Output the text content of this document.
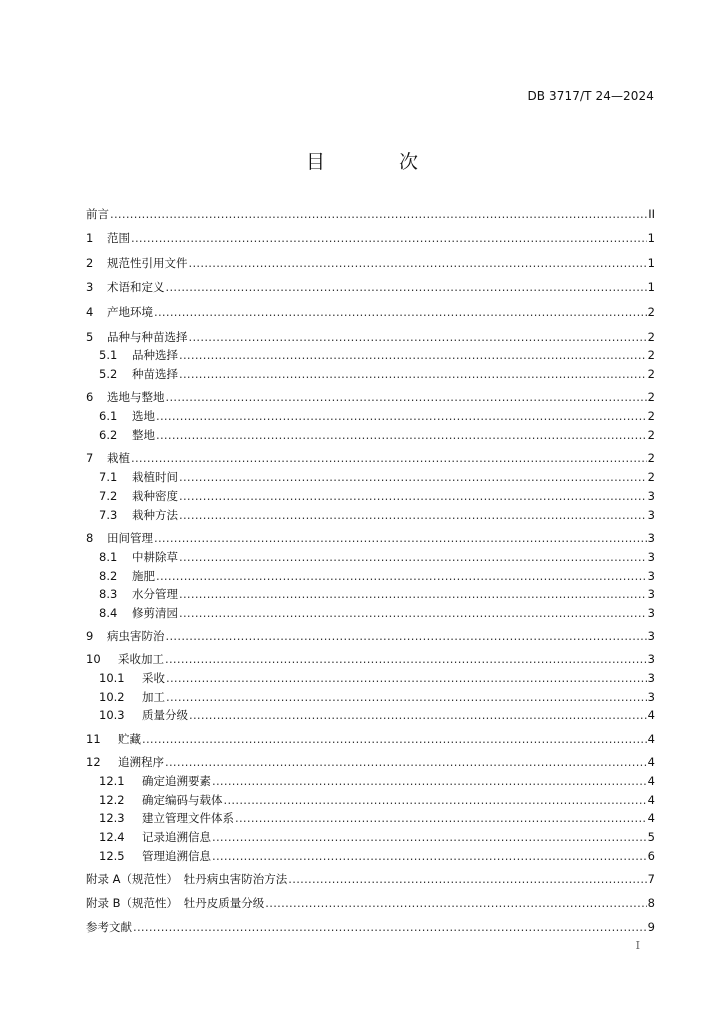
DB 3717/T 24—2024
目 次
前言 .....	II
1	范围 .....	1
2	规范性引用文件 .....	1
3	术语和定义 .....	1
4	产地环境 .....	2
5	品种与种苗选择 .....	2
5.1	品种选择 .....	2
5.2	种苗选择 .....	2
6	选地与整地 .....	2
6.1	选地 .....	2
6.2	整地 .....	2
7	栽植 .....	2
7.1	栽植时间 .....	2
7.2	栽种密度 .....	3
7.3	栽种方法 .....	3
8	田间管理 .....	3
8.1	中耕除草 .....	3
8.2	施肥 .....	3
8.3	水分管理 .....	3
8.4	修剪清园 .....	3
9	病虫害防治 .....	3
10	采收加工 .....	3
10.1	采收 .....	3
10.2	加工 .....	3
10.3	质量分级 .....	4
11	贮藏 .....	4
12	追溯程序 .....	4
12.1	确定追溯要素 .....	4
12.2	确定编码与载体 .....	4
12.3	建立管理文件体系 .....	4
12.4	记录追溯信息 .....	5
12.5	管理追溯信息 .....	6
附录 A（规范性）　牡丹病虫害防治方法 .....	7
附录 B（规范性）　牡丹皮质量分级 .....	8
参考文献 .....	9
I
